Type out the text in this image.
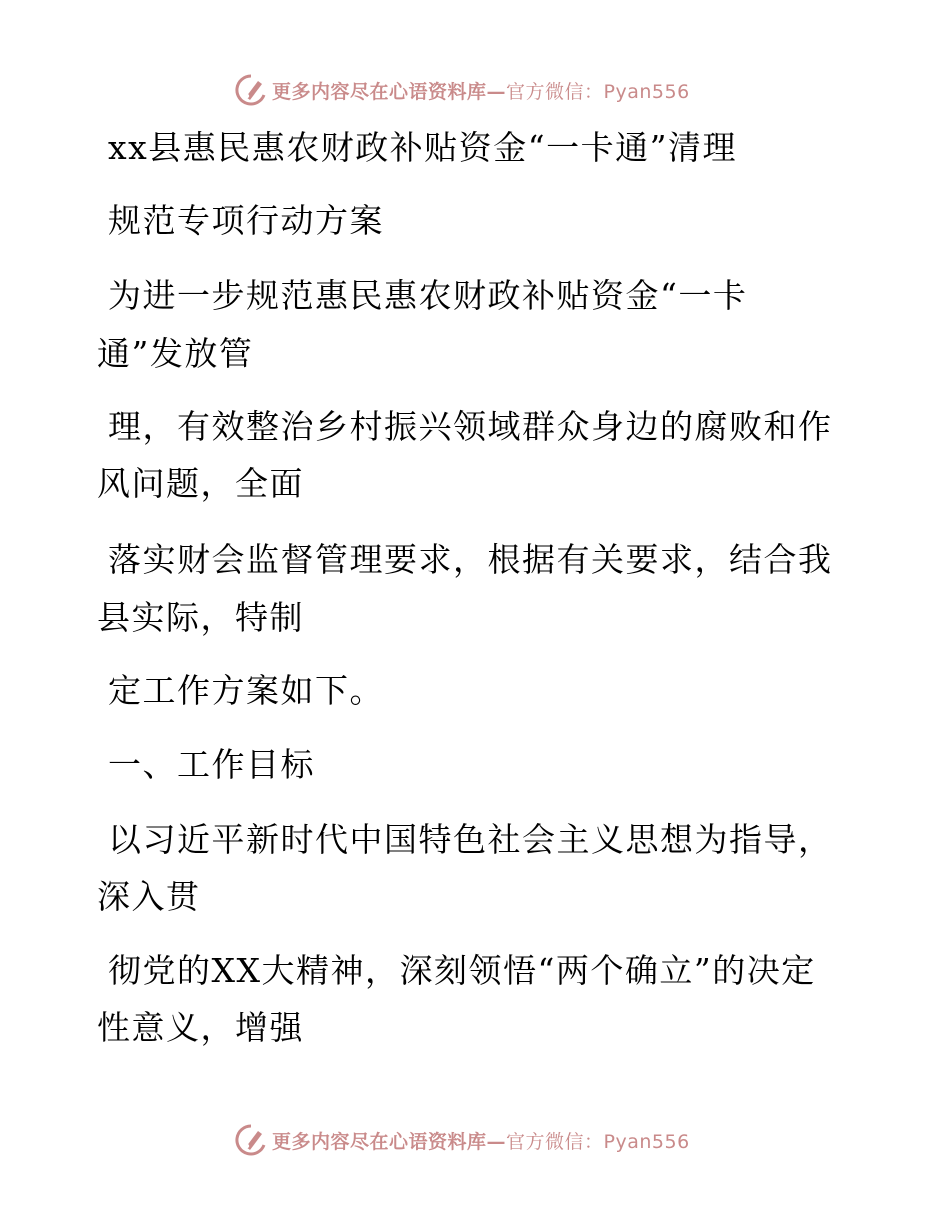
更多内容尽在心语资料库— 官方微信：Pyan556
xx县惠民惠农财政补贴资金“一卡通”清理
规范专项行动方案
为进一步规范惠民惠农财政补贴资金“一卡
通”发放管
理，有效整治乡村振兴领域群众身边的腐败和作
风问题，全面
落实财会监督管理要求，根据有关要求，结合我
县实际，特制
定工作方案如下。
一、工作目标
以习近平新时代中国特色社会主义思想为指导，
深入贯
彻党的XX大精神，深刻领悟“两个确立”的决定
性意义，增强
更多内容尽在心语资料库— 官方微信：Pyan556
